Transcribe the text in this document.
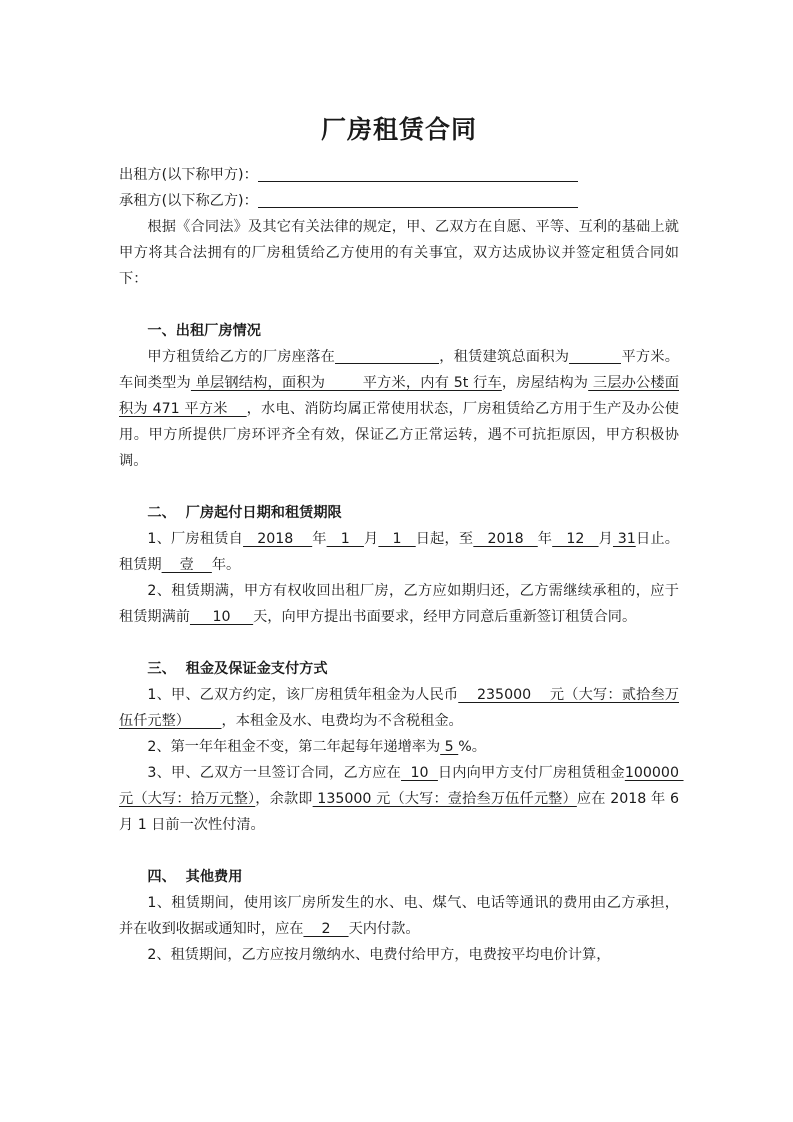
厂房租赁合同

出租方(以下称甲方)：

承租方(以下称乙方)：

根据《合同法》及其它有关法律的规定，甲、乙双方在自愿、平等、互利的基础上就甲方将其合法拥有的厂房租赁给乙方使用的有关事宜，双方达成协议并签定租赁合同如下：

一、出租厂房情况

甲方租赁给乙方的厂房座落在	，租赁建筑总面积为	平方米。车间类型为 单层钢结构，面积为        平方米，内有 5t 行车，房屋结构为 三层办公楼面积为 471 平方米    ，水电、消防均属正常使用状态，厂房租赁给乙方用于生产及办公使用。甲方所提供厂房环评齐全有效，保证乙方正常运转，遇不可抗拒原因，甲方积极协调。

二、  厂房起付日期和租赁期限

1、厂房租赁自   2018    年   1   月   1   日起，至   2018   年   12   月 31日止。租赁期    壹    年。

2、租赁期满，甲方有权收回出租厂房，乙方应如期归还，乙方需继续承租的，应于租赁期满前     10     天，向甲方提出书面要求，经甲方同意后重新签订租赁合同。

三、  租金及保证金支付方式

1、甲、乙双方约定，该厂房租赁年租金为人民币    235000    元（大写：贰拾叁万伍仟元整）       ，本租金及水、电费均为不含税租金。

2、第一年年租金不变，第二年起每年递增率为 5 %。

3、甲、乙双方一旦签订合同，乙方应在  10  日内向甲方支付厂房租赁租金100000 元（大写：拾万元整），余款即 135000 元（大写：壹拾叁万伍仟元整）应在 2018 年 6 月 1 日前一次性付清。

四、  其他费用

1、租赁期间，使用该厂房所发生的水、电、煤气、电话等通讯的费用由乙方承担，并在收到收据或通知时，应在    2    天内付款。

2、租赁期间，乙方应按月缴纳水、电费付给甲方，电费按平均电价计算，
